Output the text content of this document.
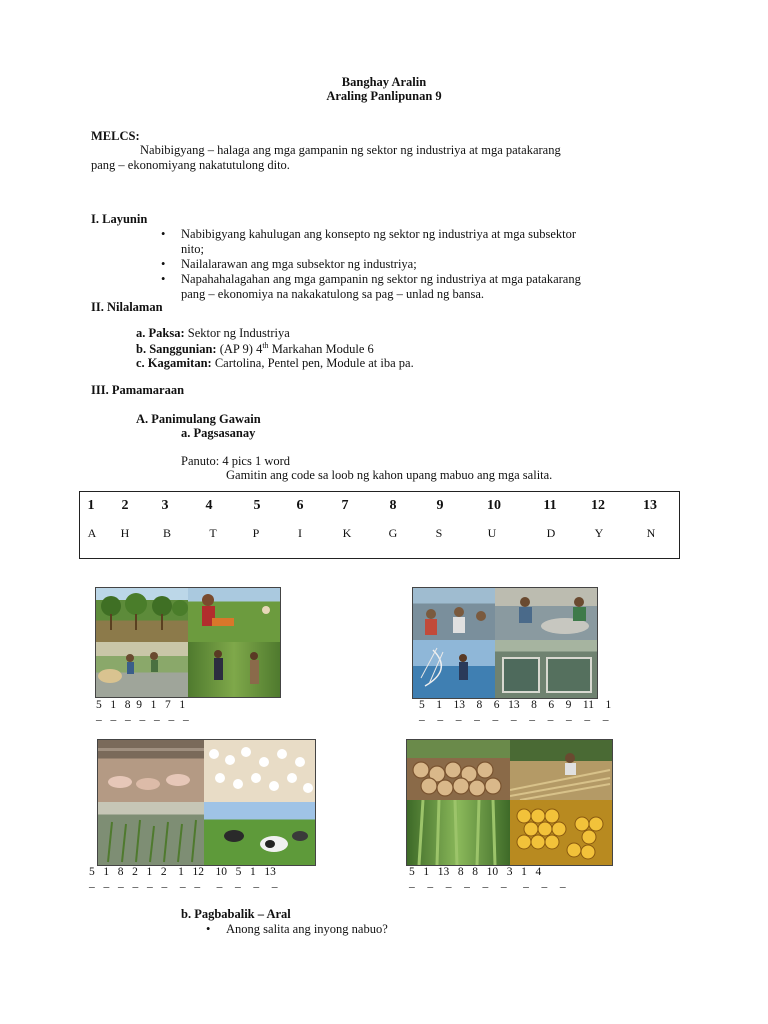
Banghay Aralin
Araling Panlipunan 9
MELCS:
Nabibigyang – halaga ang mga gampanin ng sektor ng industriya at mga patakarang
pang – ekonomiyang nakatutulong dito.
I. Layunin
• Nabibigyang kahulugan ang konsepto ng sektor ng industriya at mga subsektor
nito;
• Nailalarawan ang mga subsektor ng industriya;
• Napahahalagahan ang mga gampanin ng sektor ng industriya at mga patakarang
pang – ekonomiya na nakakatulong sa pag – unlad ng bansa.
II. Nilalaman
a. Paksa: Sektor ng Industriya
b. Sanggunian: (AP 9) 4th Markahan Module 6
c. Kagamitan: Cartolina, Pentel pen, Module at iba pa.
III. Pamamaraan
A. Panimulang Gawain
a. Pagsasanay
Panuto: 4 pics 1 word
Gamitin ang code sa loob ng kahon upang mabuo ang mga salita.
1	2	3	4	5	6	7	8	9	10	11	12	13
A	H	B	T	P	I	K	G	S	U	D	Y	N
5   1   8  9   1   7   1
_  _  _  _  _  _  _
5    1    13    8    6   13    8    6    9    11    1
_   _   _   _   _   _   _   _   _   _   _
5   1   8   2   1   2    1   12    10   5   1   13
_  _  _  _  _  _   _  _    _   _   _   _
5   1   13   8   8   10   3   1   4
_   _   _   _   _   _    _   _   _
b. Pagbabalik – Aral
• Anong salita ang inyong nabuo?
